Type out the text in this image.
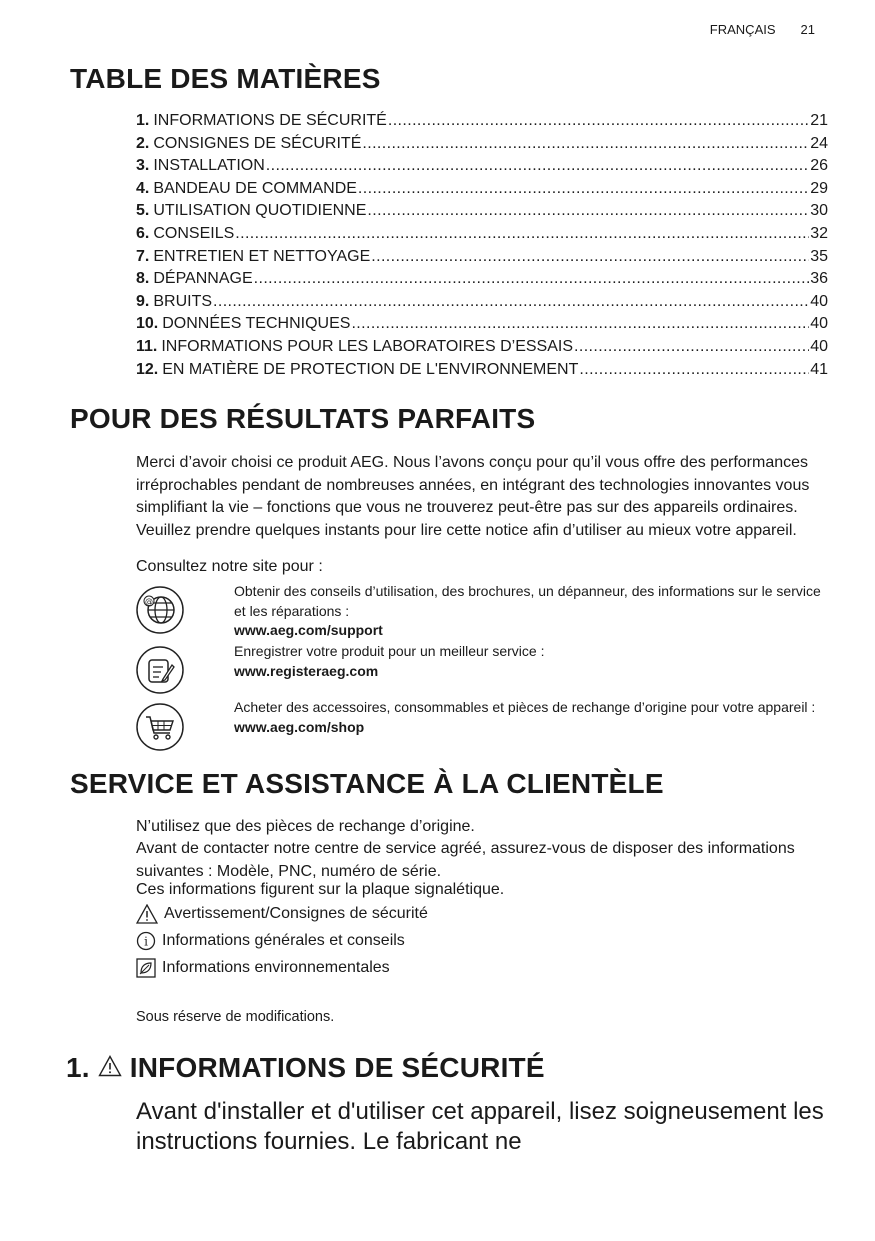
FRANÇAIS 21
TABLE DES MATIÈRES
1. INFORMATIONS DE SÉCURITÉ .....	21
2. CONSIGNES DE SÉCURITÉ .....	24
3. INSTALLATION .....	26
4. BANDEAU DE COMMANDE .....	29
5. UTILISATION QUOTIDIENNE .....	30
6. CONSEILS .....	32
7. ENTRETIEN ET NETTOYAGE .....	35
8. DÉPANNAGE .....	36
9. BRUITS .....	40
10. DONNÉES TECHNIQUES .....	40
11. INFORMATIONS POUR LES LABORATOIRES D’ESSAIS .....	40
12. EN MATIÈRE DE PROTECTION DE L'ENVIRONNEMENT .....	41
POUR DES RÉSULTATS PARFAITS

Merci d’avoir choisi ce produit AEG. Nous l’avons conçu pour qu’il vous offre des performances irréprochables pendant de nombreuses années, en intégrant des technologies innovantes vous simplifiant la vie – fonctions que vous ne trouverez peut-être pas sur des appareils ordinaires. Veuillez prendre quelques instants pour lire cette notice afin d’utiliser au mieux votre appareil.

Consultez notre site pour :
@
Obtenir des conseils d’utilisation, des brochures, un dépanneur, des informations sur le service et les réparations :
www.aeg.com/support
Enregistrer votre produit pour un meilleur service :
www.registeraeg.com
Acheter des accessoires, consommables et pièces de rechange d’origine pour votre appareil :
www.aeg.com/shop
SERVICE ET ASSISTANCE À LA CLIENTÈLE
N’utilisez que des pièces de rechange d’origine.
Avant de contacter notre centre de service agréé, assurez-vous de disposer des informations suivantes : Modèle, PNC, numéro de série.
Ces informations figurent sur la plaque signalétique.
Avertissement/Consignes de sécurité
i Informations générales et conseils
Informations environnementales
Sous réserve de modifications.
1. INFORMATIONS DE SÉCURITÉ
Avant d'installer et d'utiliser cet appareil, lisez soigneusement les instructions fournies. Le fabricant ne
